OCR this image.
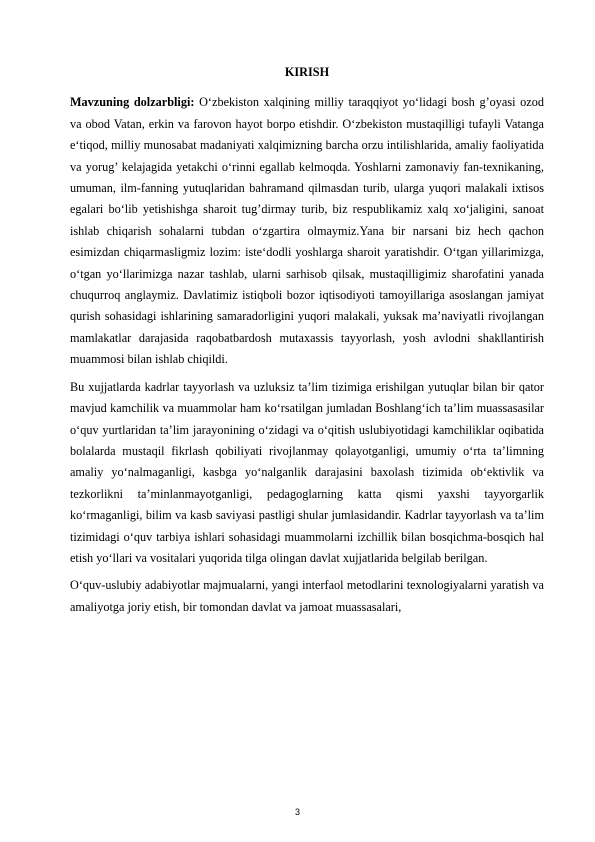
KIRISH

Mavzuning dolzarbligi: O‘zbekiston xalqining milliy taraqqiyot yo‘lidagi bosh g’oyasi ozod va obod Vatan, erkin va farovon hayot borpo etishdir. O‘zbekiston mustaqilligi tufayli Vatanga e‘tiqod, milliy munosabat madaniyati xalqimizning barcha orzu intilishlarida, amaliy faoliyatida va yorug’ kelajagida yetakchi o‘rinni egallab kelmoqda. Yoshlarni zamonaviy fan-texnikaning, umuman, ilm-fanning yutuqlaridan bahramand qilmasdan turib, ularga yuqori malakali ixtisos egalari bo‘lib yetishishga sharoit tug’dirmay turib, biz respublikamiz xalq xo‘jaligini, sanoat ishlab chiqarish sohalarni tubdan o‘zgartira olmaymiz.Yana bir narsani biz hech qachon esimizdan chiqarmasligmiz lozim: iste‘dodli yoshlarga sharoit yaratishdir. O‘tgan yillarimizga, o‘tgan yo‘llarimizga nazar tashlab, ularni sarhisob qilsak, mustaqilligimiz sharofatini yanada chuqurroq anglaymiz. Davlatimiz istiqboli bozor iqtisodiyoti tamoyillariga asoslangan jamiyat qurish sohasidagi ishlarining samaradorligini yuqori malakali, yuksak ma’naviyatli rivojlangan mamlakatlar darajasida raqobatbardosh mutaxassis tayyorlash, yosh avlodni shakllantirish muammosi bilan ishlab chiqildi.

Bu xujjatlarda kadrlar tayyorlash va uzluksiz ta’lim tizimiga erishilgan yutuqlar bilan bir qator mavjud kamchilik va muammolar ham ko‘rsatilgan jumladan Boshlang‘ich ta’lim muassasasilar o‘quv yurtlaridan ta’lim jarayonining o‘zidagi va o‘qitish uslubiyotidagi kamchiliklar oqibatida bolalarda mustaqil fikrlash qobiliyati rivojlanmay qolayotganligi, umumiy o‘rta ta’limning amaliy yo‘nalmaganligi, kasbga yo‘nalganlik darajasini baxolash tizimida ob‘ektivlik va tezkorlikni ta’minlanmayotganligi, pedagoglarning katta qismi yaxshi tayyorgarlik ko‘rmaganligi, bilim va kasb saviyasi pastligi shular jumlasidandir. Kadrlar tayyorlash va ta’lim tizimidagi o‘quv tarbiya ishlari sohasidagi muammolarni izchillik bilan bosqichma-bosqich hal etish yo‘llari va vositalari yuqorida tilga olingan davlat xujjatlarida belgilab berilgan.

O‘quv-uslubiy adabiyotlar majmualarni, yangi interfaol metodlarini texnologiyalarni yaratish va amaliyotga joriy etish, bir tomondan davlat va jamoat muassasalari,

3
